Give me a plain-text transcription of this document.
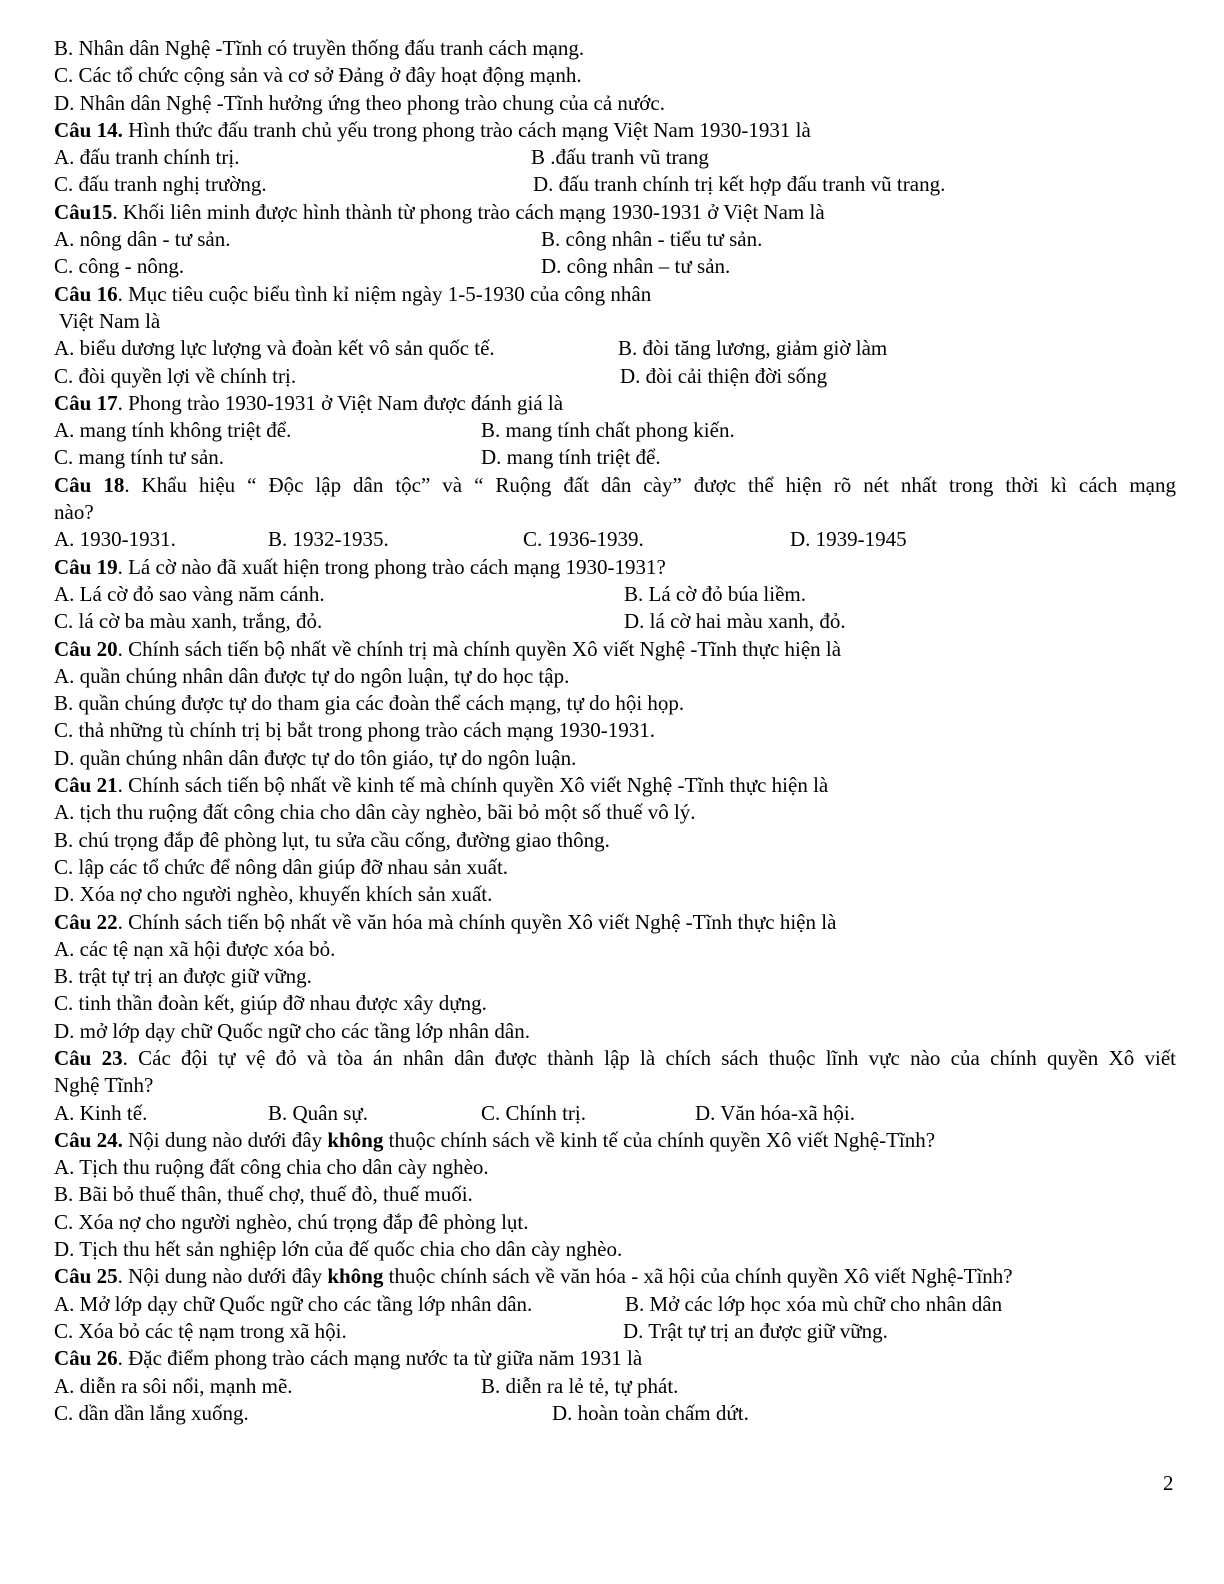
B. Nhân dân Nghệ -Tĩnh có truyền thống đấu tranh cách mạng.
C. Các tổ chức cộng sản và cơ sở Đảng ở đây hoạt động mạnh.
D. Nhân dân Nghệ -Tĩnh hưởng ứng theo phong trào chung của cả nước.
Câu 14. Hình thức đấu tranh chủ yếu trong phong trào cách mạng Việt Nam 1930-1931 là
A. đấu tranh chính trị.	B .đấu tranh vũ trang
C. đấu tranh nghị trường.	D. đấu tranh chính trị kết hợp đấu tranh vũ trang.
Câu15. Khối liên minh được hình thành từ phong trào cách mạng 1930-1931 ở Việt Nam là
A. nông dân - tư sản.	B. công nhân - tiểu tư sản.
C. công - nông.	D. công nhân – tư sản.
Câu 16. Mục tiêu cuộc biểu tình kỉ niệm ngày 1-5-1930 của công nhân
Việt Nam là
A. biểu dương lực lượng và đoàn kết vô sản quốc tế.	B. đòi tăng lương, giảm giờ làm
C. đòi quyền lợi về chính trị.	D. đòi cải thiện đời sống
Câu 17. Phong trào 1930-1931 ở Việt Nam được đánh giá là
A. mang tính không triệt để.	B. mang tính chất phong kiến.
C. mang tính tư sản.	D. mang tính triệt để.
Câu 18. Khẩu hiệu “ Độc lập dân tộc” và “ Ruộng đất dân cày” được thể hiện rõ nét nhất trong thời kì cách mạng
nào?
A. 1930-1931.	B. 1932-1935.	C. 1936-1939.	D. 1939-1945
Câu 19. Lá cờ nào đã xuất hiện trong phong trào cách mạng 1930-1931?
A. Lá cờ đỏ sao vàng năm cánh.	B. Lá cờ đỏ búa liềm.
C. lá cờ ba màu xanh, trắng, đỏ.	D. lá cờ hai màu xanh, đỏ.
Câu 20. Chính sách tiến bộ nhất về chính trị mà chính quyền Xô viết Nghệ -Tĩnh thực hiện là
A. quần chúng nhân dân được tự do ngôn luận, tự do học tập.
B. quần chúng được tự do tham gia các đoàn thể cách mạng, tự do hội họp.
C. thả những tù chính trị bị bắt trong phong trào cách mạng 1930-1931.
D. quần chúng nhân dân được tự do tôn giáo, tự do ngôn luận.
Câu 21. Chính sách tiến bộ nhất về kinh tế mà chính quyền Xô viết Nghệ -Tĩnh thực hiện là
A. tịch thu ruộng đất công chia cho dân cày nghèo, bãi bỏ một số thuế vô lý.
B. chú trọng đắp đê phòng lụt, tu sửa cầu cống, đường giao thông.
C. lập các tổ chức để nông dân giúp đỡ nhau sản xuất.
D. Xóa nợ cho người nghèo, khuyến khích sản xuất.
Câu 22. Chính sách tiến bộ nhất về văn hóa mà chính quyền Xô viết Nghệ -Tĩnh thực hiện là
A. các tệ nạn xã hội được xóa bỏ.
B. trật tự trị an được giữ vững.
C. tinh thần đoàn kết, giúp đỡ nhau được xây dựng.
D. mở lớp dạy chữ Quốc ngữ cho các tầng lớp nhân dân.
Câu 23. Các đội tự vệ đỏ và tòa án nhân dân được thành lập là chích sách thuộc lĩnh vực nào của chính quyền Xô viết
Nghệ Tĩnh?
A. Kinh tế.	B. Quân sự.	C. Chính trị.	D. Văn hóa-xã hội.
Câu 24. Nội dung nào dưới đây không thuộc chính sách về kinh tế của chính quyền Xô viết Nghệ-Tĩnh?
A. Tịch thu ruộng đất công chia cho dân cày nghèo.
B. Bãi bỏ thuế thân, thuế chợ, thuế đò, thuế muối.
C. Xóa nợ cho người nghèo, chú trọng đắp đê phòng lụt.
D. Tịch thu hết sản nghiệp lớn của đế quốc chia cho dân cày nghèo.
Câu 25. Nội dung nào dưới đây không thuộc chính sách về văn hóa - xã hội của chính quyền Xô viết Nghệ-Tĩnh?
A. Mở lớp dạy chữ Quốc ngữ cho các tầng lớp nhân dân.	B. Mở các lớp học xóa mù chữ cho nhân dân
C. Xóa bỏ các tệ nạm trong xã hội.	D. Trật tự trị an được giữ vững.
Câu 26. Đặc điểm phong trào cách mạng nước ta từ giữa năm 1931 là
A. diễn ra sôi nổi, mạnh mẽ.	B. diễn ra lẻ tẻ, tự phát.
C. dần dần lắng xuống.	D. hoàn toàn chấm dứt.
2
